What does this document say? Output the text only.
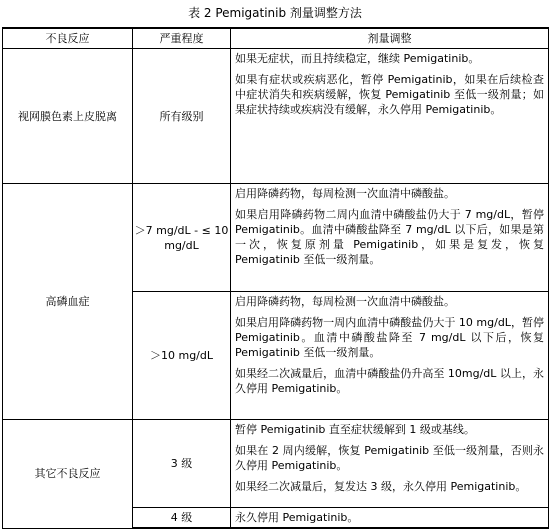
表 2 Pemigatinib 剂量调整方法
不良反应	严重程度	剂量调整
视网膜色素上皮脱离	所有级别	如果无症状，而且持续稳定，继续 Pemigatinib。

如果有症状或疾病恶化，暂停 Pemigatinib，如果在后续检查中症状消失和疾病缓解，恢复 Pemigatinib 至低一级剂量；如果症状持续或疾病没有缓解，永久停用 Pemigatinib。

高磷血症	＞7 mg/dL - ≤ 10 mg/dL	启用降磷药物，每周检测一次血清中磷酸盐。

如果启用降磷药物二周内血清中磷酸盐仍大于 7 mg/dL，暂停 Pemigatinib。血清中磷酸盐降至 7 mg/dL 以下后，如果是第一次，恢复原剂量 Pemigatinib，如果是复发，恢复 Pemigatinib 至低一级剂量。

	＞10 mg/dL	启用降磷药物，每周检测一次血清中磷酸盐。

如果启用降磷药物一周内血清中磷酸盐仍大于 10 mg/dL，暂停 Pemigatinib。血清中磷酸盐降至 7 mg/dL 以下后，恢复 Pemigatinib 至低一级剂量。

如果经二次减量后，血清中磷酸盐仍升高至 10mg/dL 以上，永久停用 Pemigatinib。

其它不良反应	3 级	暂停 Pemigatinib 直至症状缓解到 1 级或基线。

如果在 2 周内缓解，恢复 Pemigatinib 至低一级剂量，否则永久停用 Pemigatinib。

如果经二次减量后，复发达 3 级，永久停用 Pemigatinib。

	4 级	永久停用 Pemigatinib。
